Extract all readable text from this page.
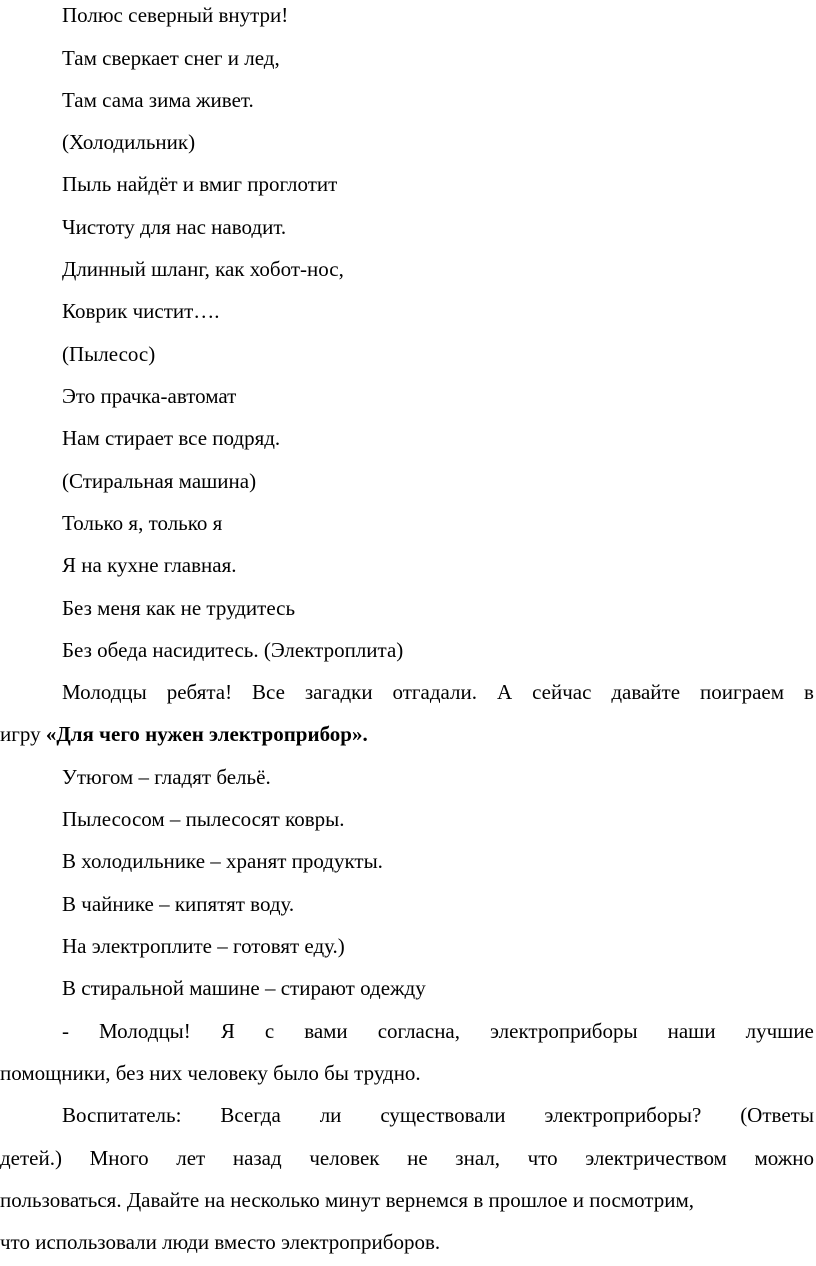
Полюс северный внутри!

Там сверкает снег и лед,

Там сама зима живет.

(Холодильник)

Пыль найдёт и вмиг проглотит

Чистоту для нас наводит.

Длинный шланг, как хобот-нос,

Коврик чистит….

(Пылесос)

Это прачка-автомат

Нам стирает все подряд.

(Стиральная машина)

Только я, только я

Я на кухне главная.

Без меня как не трудитесь

Без обеда насидитесь. (Электроплита)

Молодцы ребята! Все загадки отгадали. А сейчас давайте поиграем в

игру «Для чего нужен электроприбор».

Утюгом – гладят бельё.

Пылесосом – пылесосят ковры.

В холодильнике – хранят продукты.

В чайнике – кипятят воду.

На электроплите – готовят еду.)

В стиральной машине – стирают одежду

- Молодцы! Я с вами согласна, электроприборы наши лучшие

помощники, без них человеку было бы трудно.

Воспитатель: Всегда ли существовали электроприборы? (Ответы
детей.) Много лет назад человек не знал, что электричеством можно

пользоваться. Давайте на несколько минут вернемся в прошлое и посмотрим,

что использовали люди вместо электроприборов.
